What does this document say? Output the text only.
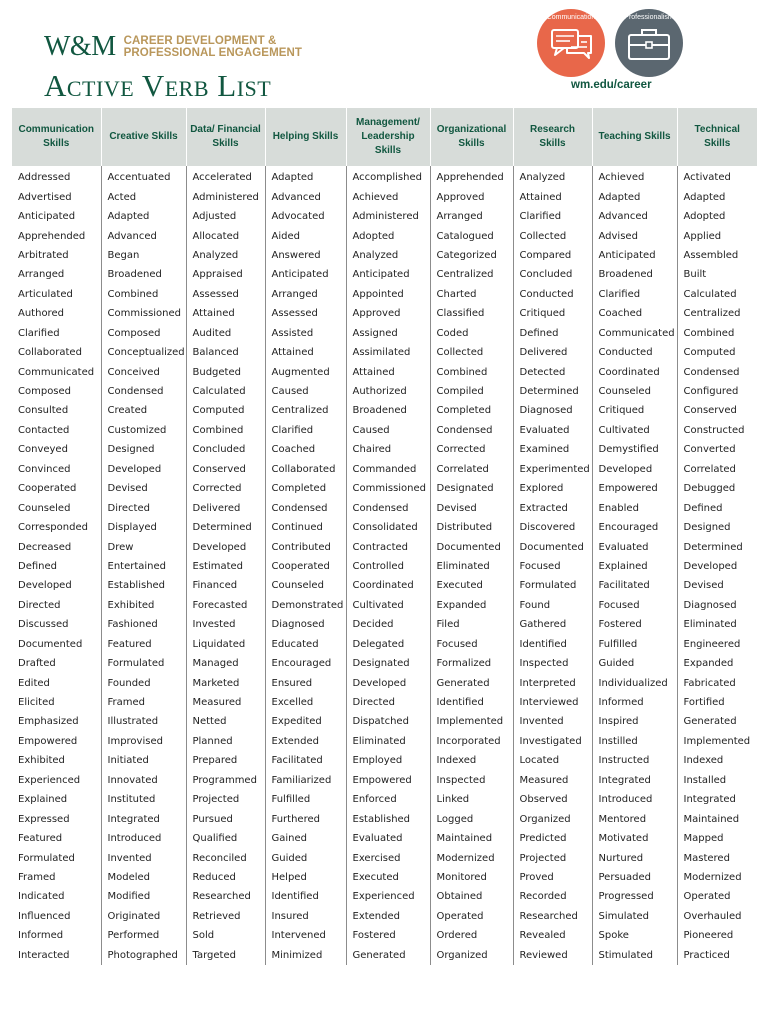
W&M CAREER DEVELOPMENT &
PROFESSIONAL ENGAGEMENT
Active Verb List
Communication	Professionalism
wm.edu/career
Communication Skills	Creative Skills	Data/ Financial Skills	Helping Skills	Management/ Leadership Skills	Organizational Skills	Research Skills	Teaching Skills	Technical Skills
Addressed	Accentuated	Accelerated	Adapted	Accomplished	Apprehended	Analyzed	Achieved	Activated
Advertised	Acted	Administered	Advanced	Achieved	Approved	Attained	Adapted	Adapted
Anticipated	Adapted	Adjusted	Advocated	Administered	Arranged	Clarified	Advanced	Adopted
Apprehended	Advanced	Allocated	Aided	Adopted	Catalogued	Collected	Advised	Applied
Arbitrated	Began	Analyzed	Answered	Analyzed	Categorized	Compared	Anticipated	Assembled
Arranged	Broadened	Appraised	Anticipated	Anticipated	Centralized	Concluded	Broadened	Built
Articulated	Combined	Assessed	Arranged	Appointed	Charted	Conducted	Clarified	Calculated
Authored	Commissioned	Attained	Assessed	Approved	Classified	Critiqued	Coached	Centralized
Clarified	Composed	Audited	Assisted	Assigned	Coded	Defined	Communicated	Combined
Collaborated	Conceptualized	Balanced	Attained	Assimilated	Collected	Delivered	Conducted	Computed
Communicated	Conceived	Budgeted	Augmented	Attained	Combined	Detected	Coordinated	Condensed
Composed	Condensed	Calculated	Caused	Authorized	Compiled	Determined	Counseled	Configured
Consulted	Created	Computed	Centralized	Broadened	Completed	Diagnosed	Critiqued	Conserved
Contacted	Customized	Combined	Clarified	Caused	Condensed	Evaluated	Cultivated	Constructed
Conveyed	Designed	Concluded	Coached	Chaired	Corrected	Examined	Demystified	Converted
Convinced	Developed	Conserved	Collaborated	Commanded	Correlated	Experimented	Developed	Correlated
Cooperated	Devised	Corrected	Completed	Commissioned	Designated	Explored	Empowered	Debugged
Counseled	Directed	Delivered	Condensed	Condensed	Devised	Extracted	Enabled	Defined
Corresponded	Displayed	Determined	Continued	Consolidated	Distributed	Discovered	Encouraged	Designed
Decreased	Drew	Developed	Contributed	Contracted	Documented	Documented	Evaluated	Determined
Defined	Entertained	Estimated	Cooperated	Controlled	Eliminated	Focused	Explained	Developed
Developed	Established	Financed	Counseled	Coordinated	Executed	Formulated	Facilitated	Devised
Directed	Exhibited	Forecasted	Demonstrated	Cultivated	Expanded	Found	Focused	Diagnosed
Discussed	Fashioned	Invested	Diagnosed	Decided	Filed	Gathered	Fostered	Eliminated
Documented	Featured	Liquidated	Educated	Delegated	Focused	Identified	Fulfilled	Engineered
Drafted	Formulated	Managed	Encouraged	Designated	Formalized	Inspected	Guided	Expanded
Edited	Founded	Marketed	Ensured	Developed	Generated	Interpreted	Individualized	Fabricated
Elicited	Framed	Measured	Excelled	Directed	Identified	Interviewed	Informed	Fortified
Emphasized	Illustrated	Netted	Expedited	Dispatched	Implemented	Invented	Inspired	Generated
Empowered	Improvised	Planned	Extended	Eliminated	Incorporated	Investigated	Instilled	Implemented
Exhibited	Initiated	Prepared	Facilitated	Employed	Indexed	Located	Instructed	Indexed
Experienced	Innovated	Programmed	Familiarized	Empowered	Inspected	Measured	Integrated	Installed
Explained	Instituted	Projected	Fulfilled	Enforced	Linked	Observed	Introduced	Integrated
Expressed	Integrated	Pursued	Furthered	Established	Logged	Organized	Mentored	Maintained
Featured	Introduced	Qualified	Gained	Evaluated	Maintained	Predicted	Motivated	Mapped
Formulated	Invented	Reconciled	Guided	Exercised	Modernized	Projected	Nurtured	Mastered
Framed	Modeled	Reduced	Helped	Executed	Monitored	Proved	Persuaded	Modernized
Indicated	Modified	Researched	Identified	Experienced	Obtained	Recorded	Progressed	Operated
Influenced	Originated	Retrieved	Insured	Extended	Operated	Researched	Simulated	Overhauled
Informed	Performed	Sold	Intervened	Fostered	Ordered	Revealed	Spoke	Pioneered
Interacted	Photographed	Targeted	Minimized	Generated	Organized	Reviewed	Stimulated	Practiced
